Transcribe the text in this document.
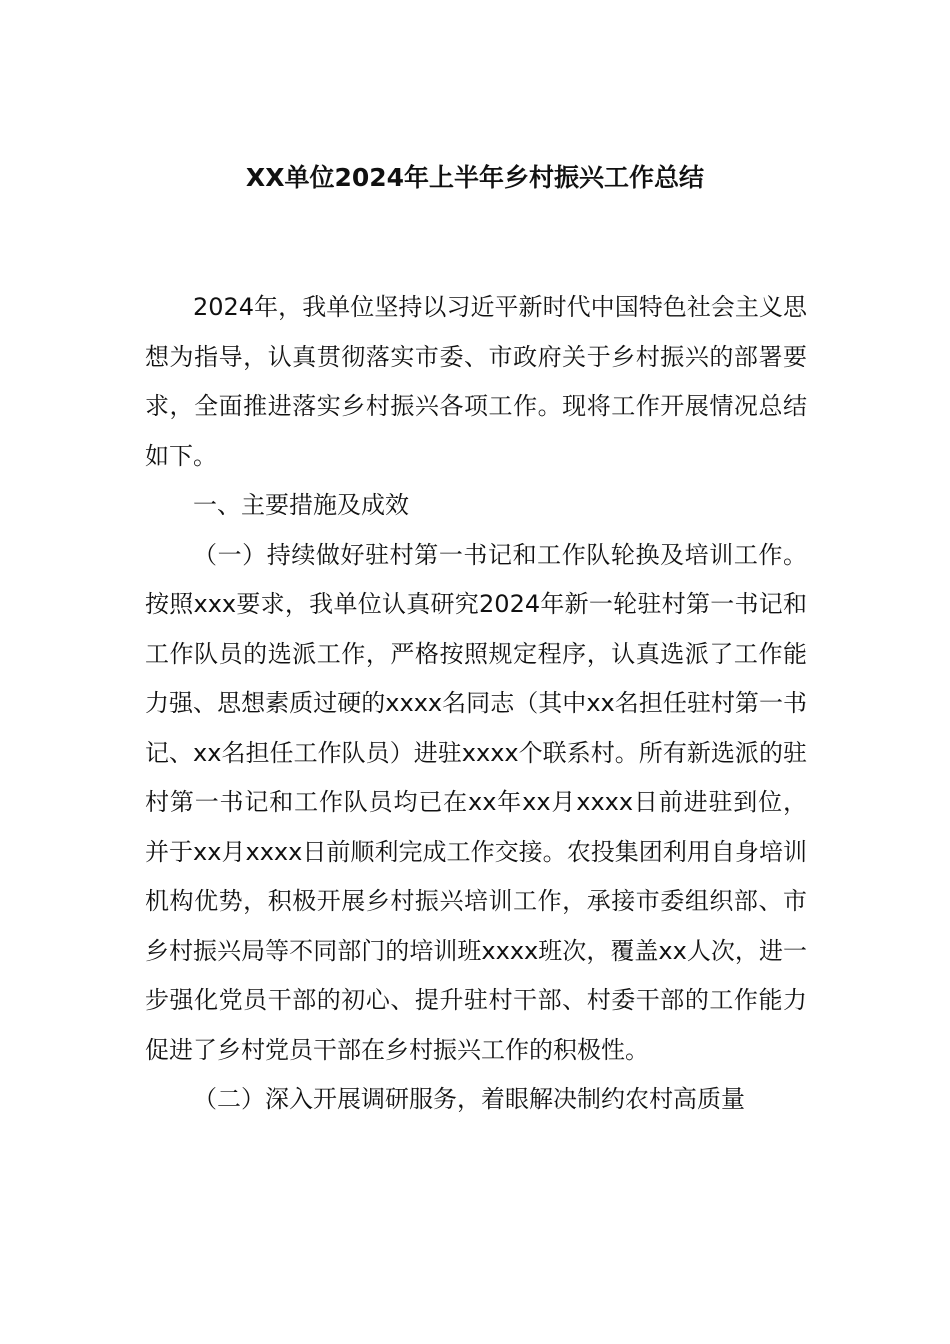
XX单位2024年上半年乡村振兴工作总结

2024年，我单位坚持以习近平新时代中国特色社会主义思想为指导，认真贯彻落实市委、市政府关于乡村振兴的部署要求，全面推进落实乡村振兴各项工作。现将工作开展情况总结如下。

一、主要措施及成效

（一）持续做好驻村第一书记和工作队轮换及培训工作。按照xxx要求，我单位认真研究2024年新一轮驻村第一书记和工作队员的选派工作，严格按照规定程序，认真选派了工作能力强、思想素质过硬的xxxx名同志（其中xx名担任驻村第一书记、xx名担任工作队员）进驻xxxx个联系村。所有新选派的驻村第一书记和工作队员均已在xx年xx月xxxx日前进驻到位，并于xx月xxxx日前顺利完成工作交接。农投集团利用自身培训机构优势，积极开展乡村振兴培训工作，承接市委组织部、市乡村振兴局等不同部门的培训班xxxx班次，覆盖xx人次，进一步强化党员干部的初心、提升驻村干部、村委干部的工作能力促进了乡村党员干部在乡村振兴工作的积极性。

（二）深入开展调研服务，着眼解决制约农村高质量
